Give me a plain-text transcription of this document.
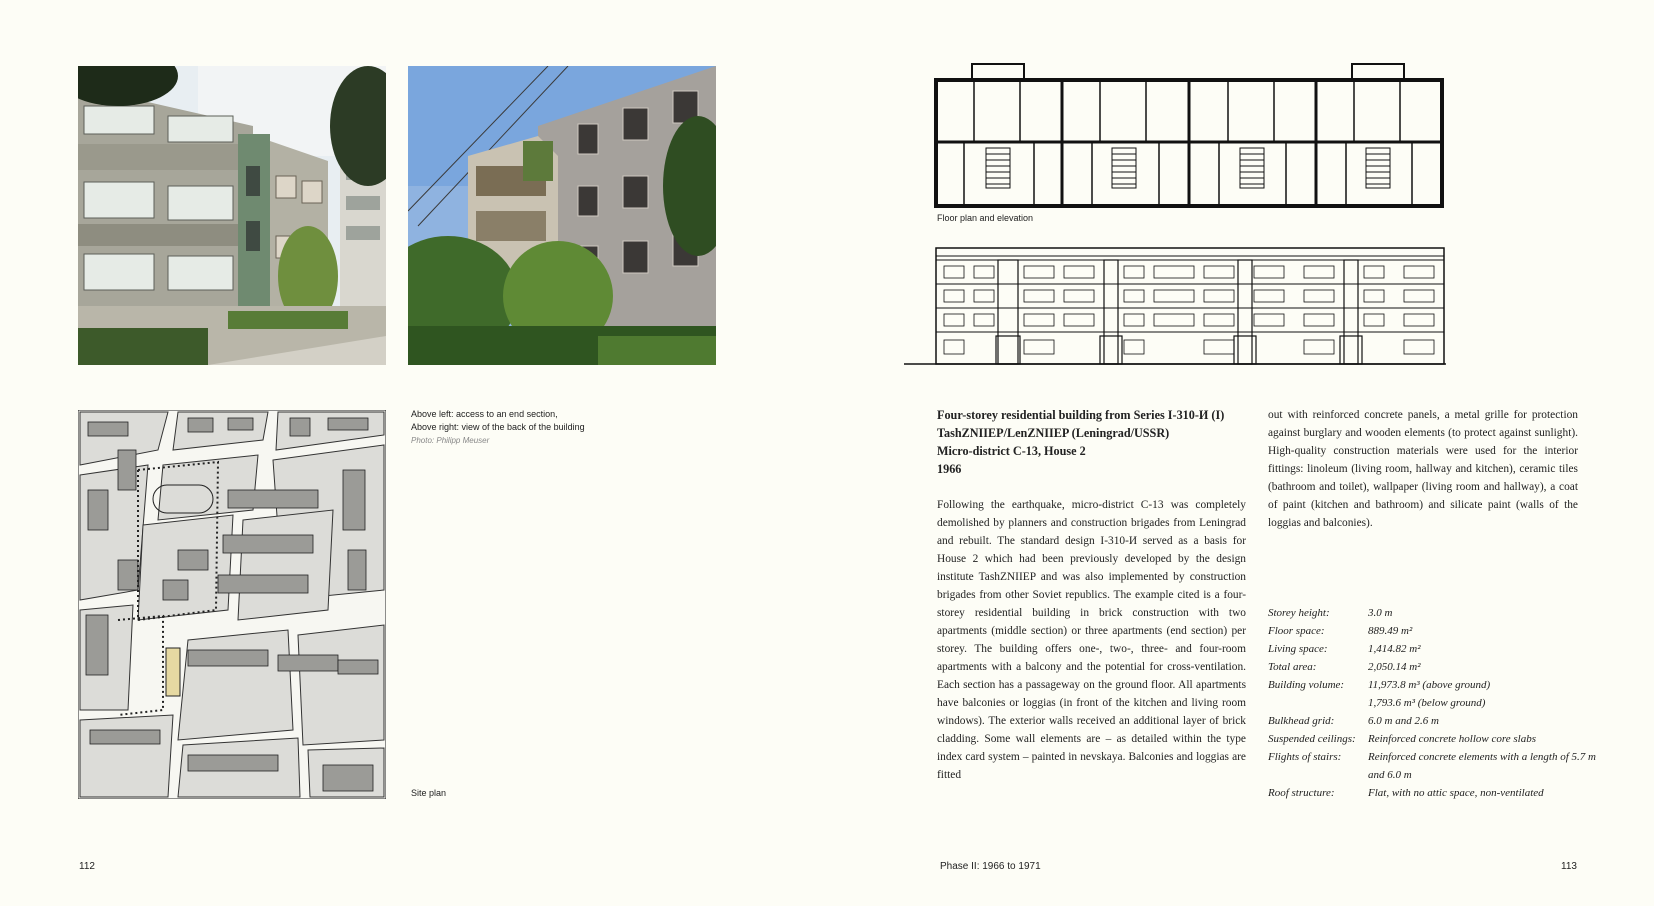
Above left: access to an end section,
Above right: view of the back of the building
Photo: Philipp Meuser
Site plan
112
Floor plan and elevation
Four-storey residential building from Series I-310-И (I)
TashZNIIEP/LenZNIIEP (Leningrad/USSR)
Micro-district C-13, House 2
1966

Following the earthquake, micro-district C-13 was completely demolished by planners and construction brigades from Leningrad and rebuilt. The standard design I-310-И served as a basis for House 2 which had been previously developed by the design institute TashZNIIEP and was also implemented by construction brigades from other Soviet republics. The example cited is a four-storey residential building in brick construction with two apartments (middle section) or three apartments (end section) per storey. The building offers one-, two-, three- and four-room apartments with a balcony and the potential for cross-ventilation. Each section has a passageway on the ground floor. All apartments have balconies or loggias (in front of the kitchen and living room windows). The exterior walls received an additional layer of brick cladding. Some wall elements are – as detailed within the type index card system – painted in nevskaya. Balconies and loggias are fitted

out with reinforced concrete panels, a metal grille for protection against burglary and wooden elements (to protect against sunlight). High-quality construction materials were used for the interior fittings: linoleum (living room, hallway and kitchen), ceramic tiles (bathroom and toilet), wallpaper (living room and hallway), a coat of paint (kitchen and bathroom) and silicate paint (walls of the loggias and balconies).

Storey height:	3.0 m
Floor space:	889.49 m²
Living space:	1,414.82 m²
Total area:	2,050.14 m²
Building volume:	11,973.8 m³ (above ground)
	1,793.6 m³ (below ground)
Bulkhead grid:	6.0 m and 2.6 m
Suspended ceilings:	Reinforced concrete hollow core slabs
Flights of stairs:	Reinforced concrete elements with a length of 5.7 m and 6.0 m
Roof structure:	Flat, with no attic space, non-ventilated
Phase II: 1966 to 1971	113
